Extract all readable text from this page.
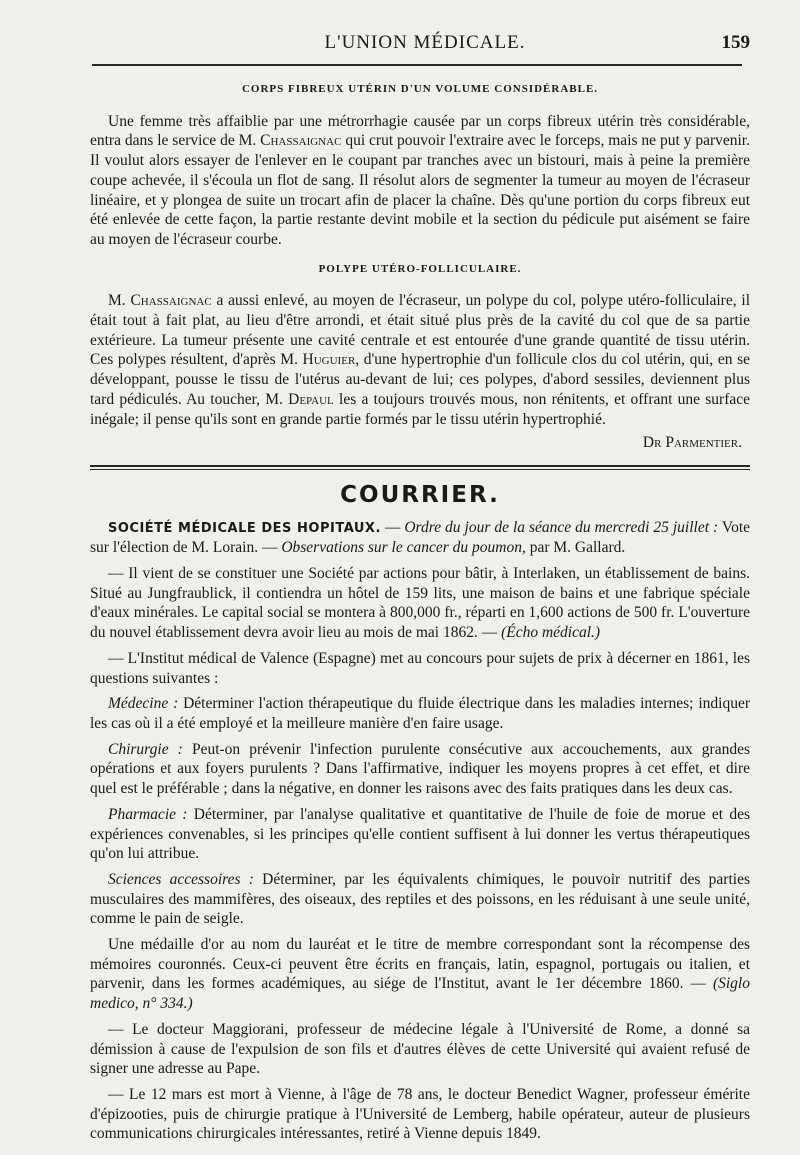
L'UNION MÉDICALE.	159
CORPS FIBREUX UTÉRIN D'UN VOLUME CONSIDÉRABLE.

Une femme très affaiblie par une métrorrhagie causée par un corps fibreux utérin très considérable, entra dans le service de M. Chassaignac qui crut pouvoir l'extraire avec le forceps, mais ne put y parvenir. Il voulut alors essayer de l'enlever en le coupant par tranches avec un bistouri, mais à peine la première coupe achevée, il s'écoula un flot de sang. Il résolut alors de segmenter la tumeur au moyen de l'écraseur linéaire, et y plongea de suite un trocart afin de placer la chaîne. Dès qu'une portion du corps fibreux eut été enlevée de cette façon, la partie restante devint mobile et la section du pédicule put aisément se faire au moyen de l'écraseur courbe.

POLYPE UTÉRO-FOLLICULAIRE.

M. Chassaignac a aussi enlevé, au moyen de l'écraseur, un polype du col, polype utéro-folliculaire, il était tout à fait plat, au lieu d'être arrondi, et était situé plus près de la cavité du col que de sa partie extérieure. La tumeur présente une cavité centrale et est entourée d'une grande quantité de tissu utérin. Ces polypes résultent, d'après M. Huguier, d'une hypertrophie d'un follicule clos du col utérin, qui, en se développant, pousse le tissu de l'utérus au-devant de lui; ces polypes, d'abord sessiles, deviennent plus tard pédiculés. Au toucher, M. Depaul les a toujours trouvés mous, non rénitents, et offrant une surface inégale; il pense qu'ils sont en grande partie formés par le tissu utérin hypertrophié.

Dr Parmentier.

COURRIER.

SOCIÉTÉ MÉDICALE DES HOPITAUX. — Ordre du jour de la séance du mercredi 25 juillet : Vote sur l'élection de M. Lorain. — Observations sur le cancer du poumon, par M. Gallard.

— Il vient de se constituer une Société par actions pour bâtir, à Interlaken, un établissement de bains. Situé au Jungfraublick, il contiendra un hôtel de 159 lits, une maison de bains et une fabrique spéciale d'eaux minérales. Le capital social se montera à 800,000 fr., réparti en 1,600 actions de 500 fr. L'ouverture du nouvel établissement devra avoir lieu au mois de mai 1862. — (Écho médical.)

— L'Institut médical de Valence (Espagne) met au concours pour sujets de prix à décerner en 1861, les questions suivantes :

Médecine : Déterminer l'action thérapeutique du fluide électrique dans les maladies internes; indiquer les cas où il a été employé et la meilleure manière d'en faire usage.

Chirurgie : Peut-on prévenir l'infection purulente consécutive aux accouchements, aux grandes opérations et aux foyers purulents ? Dans l'affirmative, indiquer les moyens propres à cet effet, et dire quel est le préférable ; dans la négative, en donner les raisons avec des faits pratiques dans les deux cas.

Pharmacie : Déterminer, par l'analyse qualitative et quantitative de l'huile de foie de morue et des expériences convenables, si les principes qu'elle contient suffisent à lui donner les vertus thérapeutiques qu'on lui attribue.

Sciences accessoires : Déterminer, par les équivalents chimiques, le pouvoir nutritif des parties musculaires des mammifères, des oiseaux, des reptiles et des poissons, en les réduisant à une seule unité, comme le pain de seigle.

Une médaille d'or au nom du lauréat et le titre de membre correspondant sont la récompense des mémoires couronnés. Ceux-ci peuvent être écrits en français, latin, espagnol, portugais ou italien, et parvenir, dans les formes académiques, au siége de l'Institut, avant le 1er décembre 1860. — (Siglo medico, n° 334.)

— Le docteur Maggiorani, professeur de médecine légale à l'Université de Rome, a donné sa démission à cause de l'expulsion de son fils et d'autres élèves de cette Université qui avaient refusé de signer une adresse au Pape.

— Le 12 mars est mort à Vienne, à l'âge de 78 ans, le docteur Benedict Wagner, professeur émérite d'épizooties, puis de chirurgie pratique à l'Université de Lemberg, habile opérateur, auteur de plusieurs communications chirurgicales intéressantes, retiré à Vienne depuis 1849.
